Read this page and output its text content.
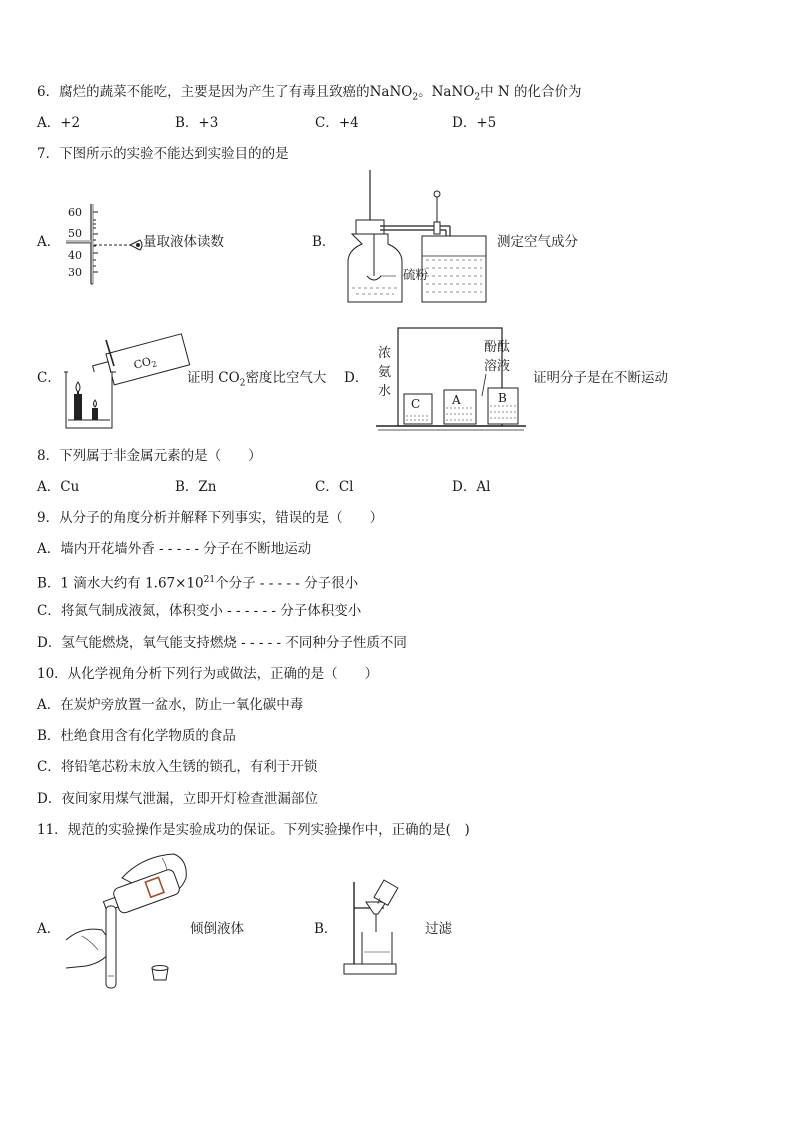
6．腐烂的蔬菜不能吃，主要是因为产生了有毒且致癌的NaNO$_2$。NaNO$_2$中 N 的化合价为
A．+2	B．+3	C．+4	D．+5
7．下图所示的实验不能达到实验目的的是
A．
60
50
40
30
量取液体读数	B．
硫粉
测定空气成分
C．
$CO_2$
证明 $CO_2$密度比空气大 D．
C	A	B
浓
氨
水
酚酞
溶液
证明分子是在不断运动
8．下列属于非金属元素的是（　　）
A．Cu	B．Zn	C．Cl	D．Al
9．从分子的角度分析并解释下列事实，错误的是（　　）
A．墙内开花墙外香 - - - - - 分子在不断地运动
B．1 滴水大约有 $1.67\times 10^{21}$个分子 - - - - - 分子很小
C．将氮气制成液氮，体积变小 - - - - - - 分子体积变小
D．氢气能燃烧，氧气能支持燃烧 - - - - - 不同种分子性质不同
10．从化学视角分析下列行为或做法，正确的是（　　）
A．在炭炉旁放置一盆水，防止一氧化碳中毒
B．杜绝食用含有化学物质的食品
C．将铅笔芯粉末放入生锈的锁孔，有利于开锁
D．夜间家用煤气泄漏，立即开灯检查泄漏部位
11．规范的实验操作是实验成功的保证。下列实验操作中，正确的是(　)
A．	倾倒液体	B．	过滤
